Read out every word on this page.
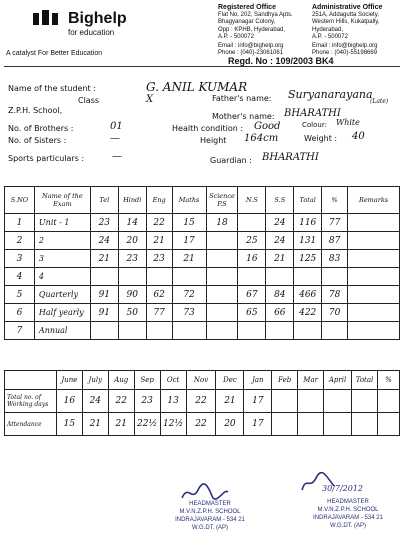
Bighelp
for education
A catalyst For Better Education
Registered Office
Flat No. 202, Sandhya Apts.
Bhagyanagar Colony,
Opp : KPHB, Hyderabad,
A.P. - 500072
Email : info@bighelp.org
Phone : (040)-23061061
Administrative Office
251A, Addagutta Society,
Western Hills, Kukatpally,
Hyderabad,
A.P. - 500072
Email : info@bighelp.org
Phone : (040)-55198669
Regd. No : 109/2003 BK4
Name of the student :
Class
G. ANIL KUMAR
X
Z.P.H. School,
Father's name: Suryanarayana
(Late)
Mother's name: BHARATHI
No. of Brothers :	01
No. of Sisters :	—
Health condition : Good	Colour: White
Height 164cm	Weight : 40
Sports particulars :	—	Guardian : BHARATHI
S.NO	Name of the Exam	Tel	Hindi	Eng	Maths	Science P.S	N.S	S.S	Total	%	Remarks
1	Unit - 1	23	14	22	15	18		24	116	77	
2	2	24	20	21	17		25	24	131	87	
3	3	21	23	23	21		16	21	125	83	
4	4										
5	Quarterly	91	90	62	72		67	84	466	78	
6	Half yearly	91	50	77	73		65	66	422	70	
7	Annual										
	June	July	Aug	Sep	Oct	Nov	Dec	Jan	Feb	Mar	April	Total	%
Total no. of Working days	16	24	22	23	13	22	21	17					
Attendance	15	21	21	22½	12½	22	20	17					
HEADMASTER
M.V.N.Z.P.H. SCHOOL
INDRAJAVARAM - 534 21
W.G.DT. (AP)
30/7/2012
HEADMASTER
M.V.N.Z.P.H. SCHOOL
INDRAJAVARAM - 534 21
W.G.DT. (AP)
